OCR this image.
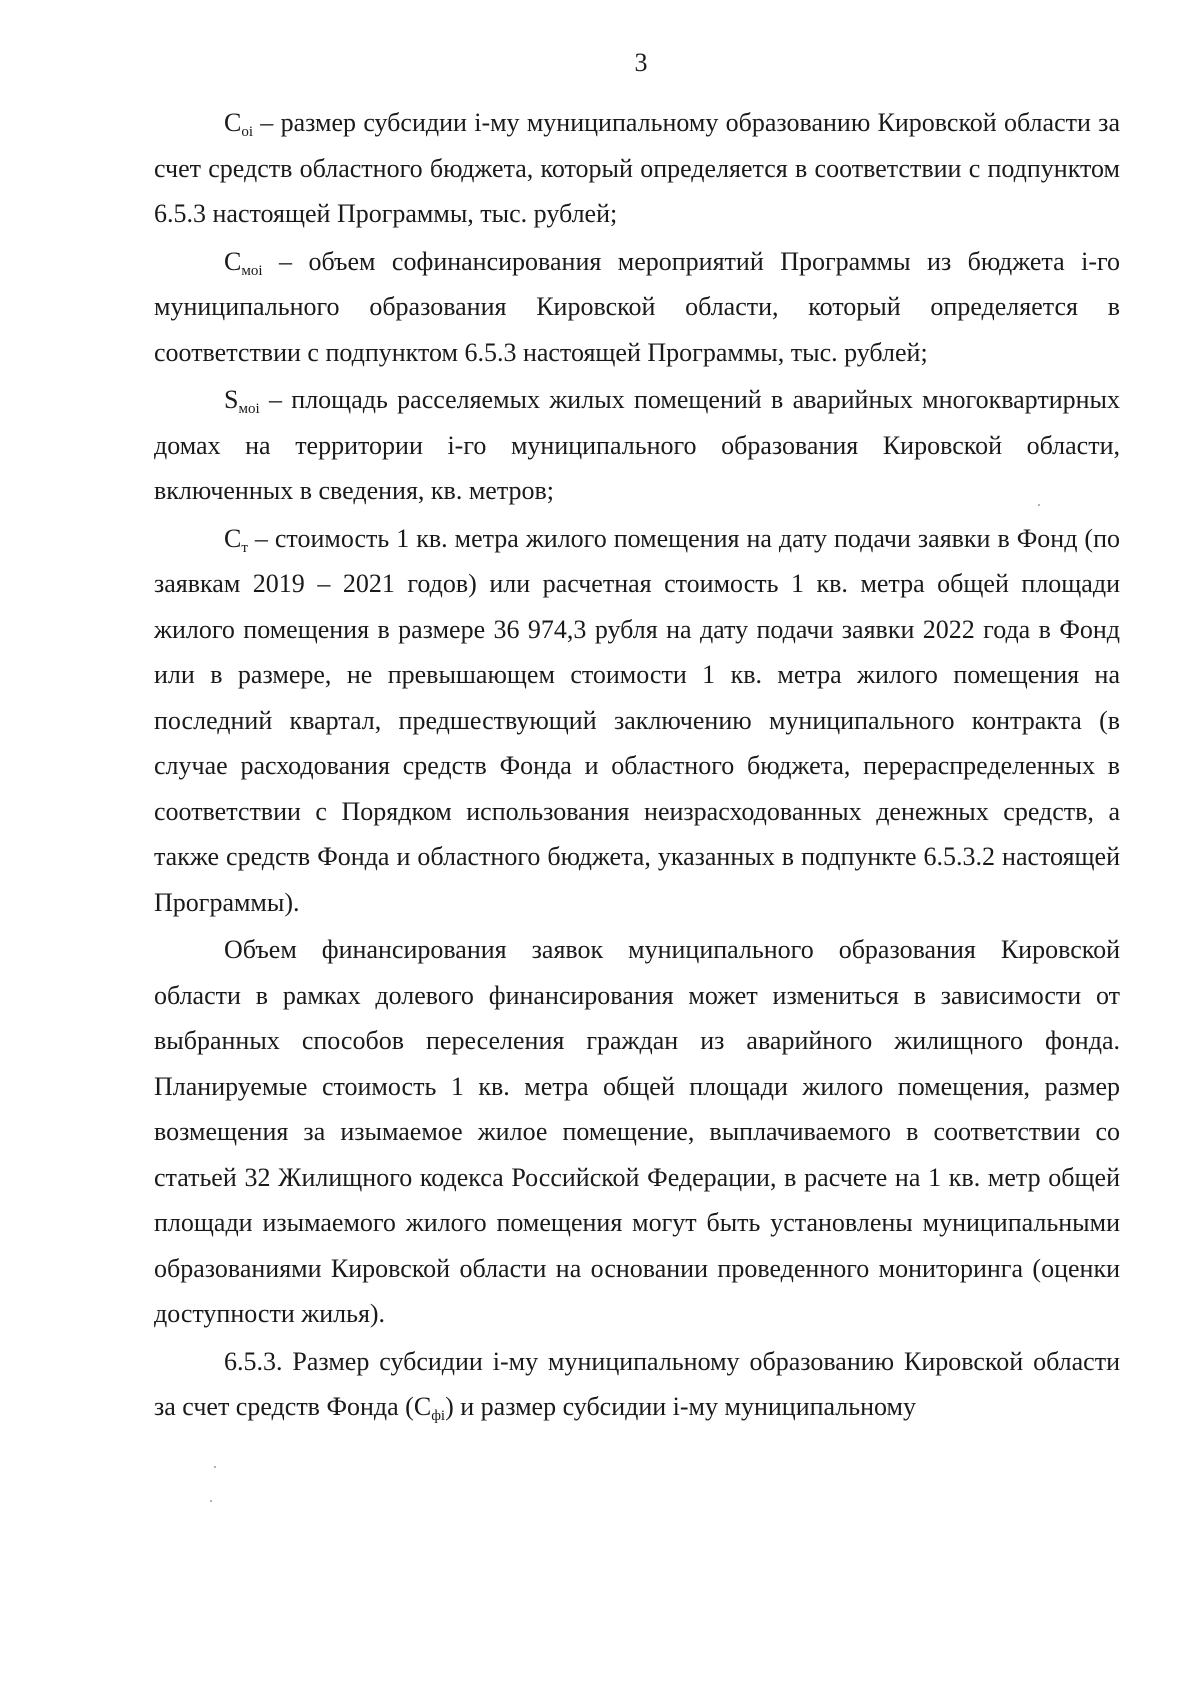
3

$C_{oi}$ – размер субсидии i-му муниципальному образованию Кировской области за счет средств областного бюджета, который определяется в соответствии с подпунктом 6.5.3 настоящей Программы, тыс. рублей;

$C_{мoi}$ – объем софинансирования мероприятий Программы из бюджета i-го муниципального образования Кировской области, который определяется в соответствии с подпунктом 6.5.3 настоящей Программы, тыс. рублей;

$S_{мoi}$ – площадь расселяемых жилых помещений в аварийных многоквартирных домах на территории i-го муниципального образования Кировской области, включенных в сведения, кв. метров;

$C_т$ – стоимость 1 кв. метра жилого помещения на дату подачи заявки в Фонд (по заявкам 2019 – 2021 годов) или расчетная стоимость 1 кв. метра общей площади жилого помещения в размере 36 974,3 рубля на дату подачи заявки 2022 года в Фонд или в размере, не превышающем стоимости 1 кв. метра жилого помещения на последний квартал, предшествующий заключению муниципального контракта (в случае расходования средств Фонда и областного бюджета, перераспределенных в соответствии с Порядком использования неизрасходованных денежных средств, а также средств Фонда и областного бюджета, указанных в подпункте 6.5.3.2 настоящей Программы).

Объем финансирования заявок муниципального образования Кировской области в рамках долевого финансирования может измениться в зависимости от выбранных способов переселения граждан из аварийного жилищного фонда. Планируемые стоимость 1 кв. метра общей площади жилого помещения, размер возмещения за изымаемое жилое помещение, выплачиваемого в соответствии со статьей 32 Жилищного кодекса Российской Федерации, в расчете на 1 кв. метр общей площади изымаемого жилого помещения могут быть установлены муниципальными образованиями Кировской области на основании проведенного мониторинга (оценки доступности жилья).

6.5.3. Размер субсидии i-му муниципальному образованию Кировской области за счет средств Фонда $(C_{фi})$ и размер субсидии i-му муниципальному
